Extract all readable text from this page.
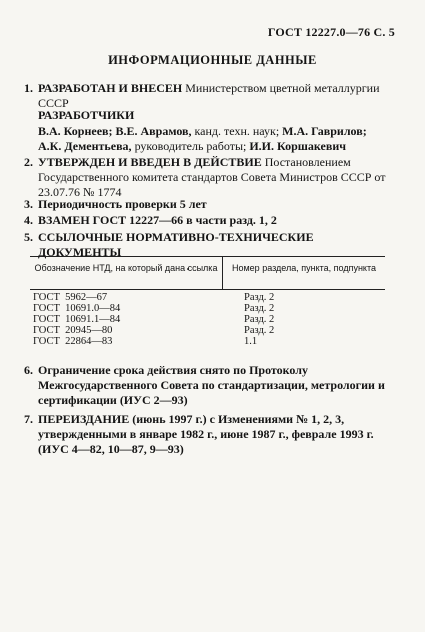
ГОСТ 12227.0—76 С. 5
ИНФОРМАЦИОННЫЕ ДАННЫЕ
1. РАЗРАБОТАН И ВНЕСЕН Министерством цветной металлургии СССР
РАЗРАБОТЧИКИ
В.А. Корнеев; В.Е. Аврамов, канд. техн. наук; М.А. Гаврилов;
А.К. Дементьева, руководитель работы; И.И. Коршакевич
2. УТВЕРЖДЕН И ВВЕДЕН В ДЕЙСТВИЕ Постановлением Государственного комитета стандартов Совета Министров СССР от 23.07.76 № 1774
3. Периодичность проверки 5 лет
4. ВЗАМЕН ГОСТ 12227—66 в части разд. 1, 2
5. ССЫЛОЧНЫЕ НОРМАТИВНО-ТЕХНИЧЕСКИЕ ДОКУМЕНТЫ
Обозначение НТД, на который дана ссылка	Номер раздела, пункта, подпункта
ГОСТ  5962—67	Разд. 2
ГОСТ  10691.0—84	Разд. 2
ГОСТ  10691.1—84	Разд. 2
ГОСТ  20945—80	Разд. 2
ГОСТ  22864—83	1.1
6. Ограничение срока действия снято по Протоколу Межгосударственного Совета по стандартизации, метрологии и сертификации (ИУС 2—93)
7. ПЕРЕИЗДАНИЕ (июнь 1997 г.) с Изменениями № 1, 2, 3, утвержденными в январе 1982 г., июне 1987 г., феврале 1993 г. (ИУС 4—82, 10—87, 9—93)
